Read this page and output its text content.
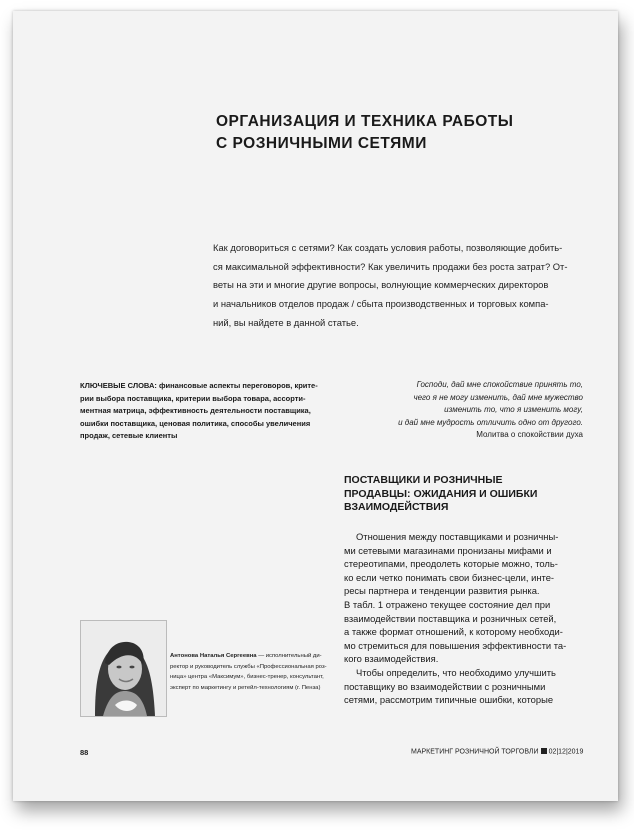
ОРГАНИЗАЦИЯ И ТЕХНИКА РАБОТЫ
С РОЗНИЧНЫМИ СЕТЯМИ
Как договориться с сетями? Как создать условия работы, позволяющие добить-
ся максимальной эффективности? Как увеличить продажи без роста затрат? От-
веты на эти и многие другие вопросы, волнующие коммерческих директоров
и начальников отделов продаж / сбыта производственных и торговых компа-
ний, вы найдете в данной статье.
КЛЮЧЕВЫЕ СЛОВА: финансовые аспекты переговоров, крите-
рии выбора поставщика, критерии выбора товара, ассорти-
ментная матрица, эффективность деятельности поставщика,
ошибки поставщика, ценовая политика, способы увеличения
продаж, сетевые клиенты
Господи, дай мне спокойствие принять то,
чего я не могу изменить, дай мне мужество
изменить то, что я изменить могу,
и дай мне мудрость отличить одно от другого.
Молитва о спокойствии духа
ПОСТАВЩИКИ И РОЗНИЧНЫЕ
ПРОДАВЦЫ: ОЖИДАНИЯ И ОШИБКИ
ВЗАИМОДЕЙСТВИЯ
Отношения между поставщиками и розничны-
ми сетевыми магазинами пронизаны мифами и
стереотипами, преодолеть которые можно, толь-
ко если четко понимать свои бизнес-цели, инте-
ресы партнера и тенденции развития рынка.
В табл. 1 отражено текущее состояние дел при
взаимодействии поставщика и розничных сетей,
а также формат отношений, к которому необходи-
мо стремиться для повышения эффективности та-
кого взаимодействия.
Чтобы определить, что необходимо улучшить
поставщику во взаимодействии с розничными
сетями, рассмотрим типичные ошибки, которые
Антонова Наталья Сергеевна — исполнительный ди-
ректор и руководитель службы «Профессиональная роз-
ница» центра «Максимум», бизнес-тренер, консультант,
эксперт по маркетингу и ретейл-технологиям (г. Пенза)
88	МАРКЕТИНГ РОЗНИЧНОЙ ТОРГОВЛИ 02|12|2019
